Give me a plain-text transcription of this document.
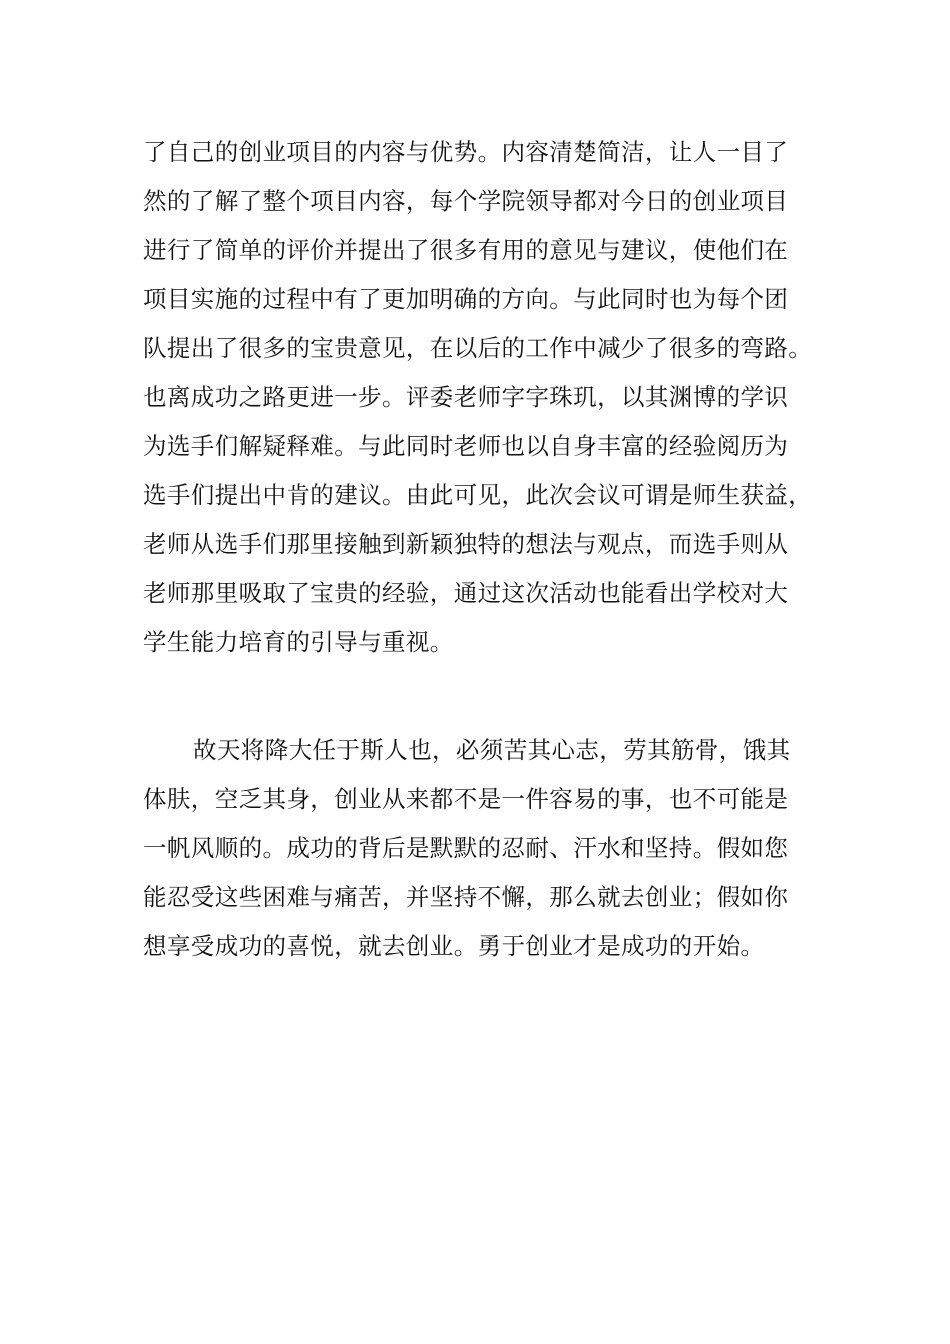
了自己的创业项目的内容与优势。内容清楚简洁，让人一目了
然的了解了整个项目内容，每个学院领导都对今日的创业项目
进行了简单的评价并提出了很多有用的意见与建议，使他们在
项目实施的过程中有了更加明确的方向。与此同时也为每个团
队提出了很多的宝贵意见，在以后的工作中减少了很多的弯路。
也离成功之路更进一步。评委老师字字珠玑，以其渊博的学识
为选手们解疑释难。与此同时老师也以自身丰富的经验阅历为
选手们提出中肯的建议。由此可见，此次会议可谓是师生获益，
老师从选手们那里接触到新颖独特的想法与观点，而选手则从
老师那里吸取了宝贵的经验，通过这次活动也能看出学校对大
学生能力培育的引导与重视。
故天将降大任于斯人也，必须苦其心志，劳其筋骨，饿其
体肤，空乏其身，创业从来都不是一件容易的事，也不可能是
一帆风顺的。成功的背后是默默的忍耐、汗水和坚持。假如您
能忍受这些困难与痛苦，并坚持不懈，那么就去创业；假如你
想享受成功的喜悦，就去创业。勇于创业才是成功的开始。
